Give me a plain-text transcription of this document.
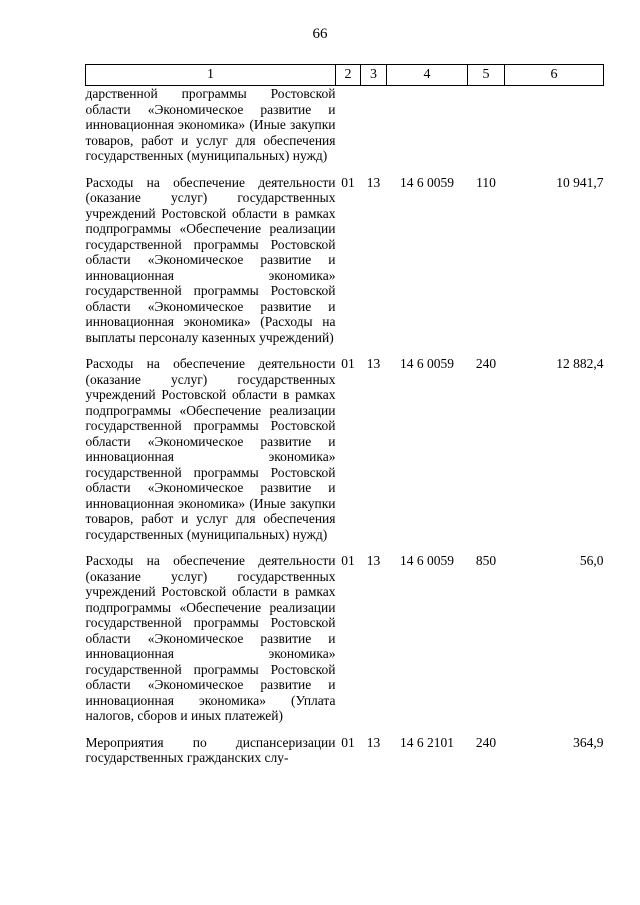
66
1	2	3	4	5	6
дарственной программы Ростовской области «Экономическое развитие и инновационная экономика» (Иные закупки товаров, работ и услуг для обеспечения государственных (муниципальных) нужд)					
Расходы на обеспечение деятельности (оказание услуг) государственных учреждений Ростовской области в рамках подпрограммы «Обеспечение реализации государственной программы Ростовской области «Экономическое развитие и инновационная экономика» государственной программы Ростовской области «Экономическое развитие и инновационная экономика» (Расходы на выплаты персоналу казенных учреждений)	01	13	14 6 0059	110	10 941,7
Расходы на обеспечение деятельности (оказание услуг) государственных учреждений Ростовской области в рамках подпрограммы «Обеспечение реализации государственной программы Ростовской области «Экономическое развитие и инновационная экономика» государственной программы Ростовской области «Экономическое развитие и инновационная экономика» (Иные закупки товаров, работ и услуг для обеспечения государственных (муниципальных) нужд)	01	13	14 6 0059	240	12 882,4
Расходы на обеспечение деятельности (оказание услуг) государственных учреждений Ростовской области в рамках подпрограммы «Обеспечение реализации государственной программы Ростовской области «Экономическое развитие и инновационная экономика» государственной программы Ростовской области «Экономическое развитие и инновационная экономика» (Уплата налогов, сборов и иных платежей)	01	13	14 6 0059	850	56,0
Мероприятия по диспансеризации государственных гражданских слу-	01	13	14 6 2101	240	364,9
